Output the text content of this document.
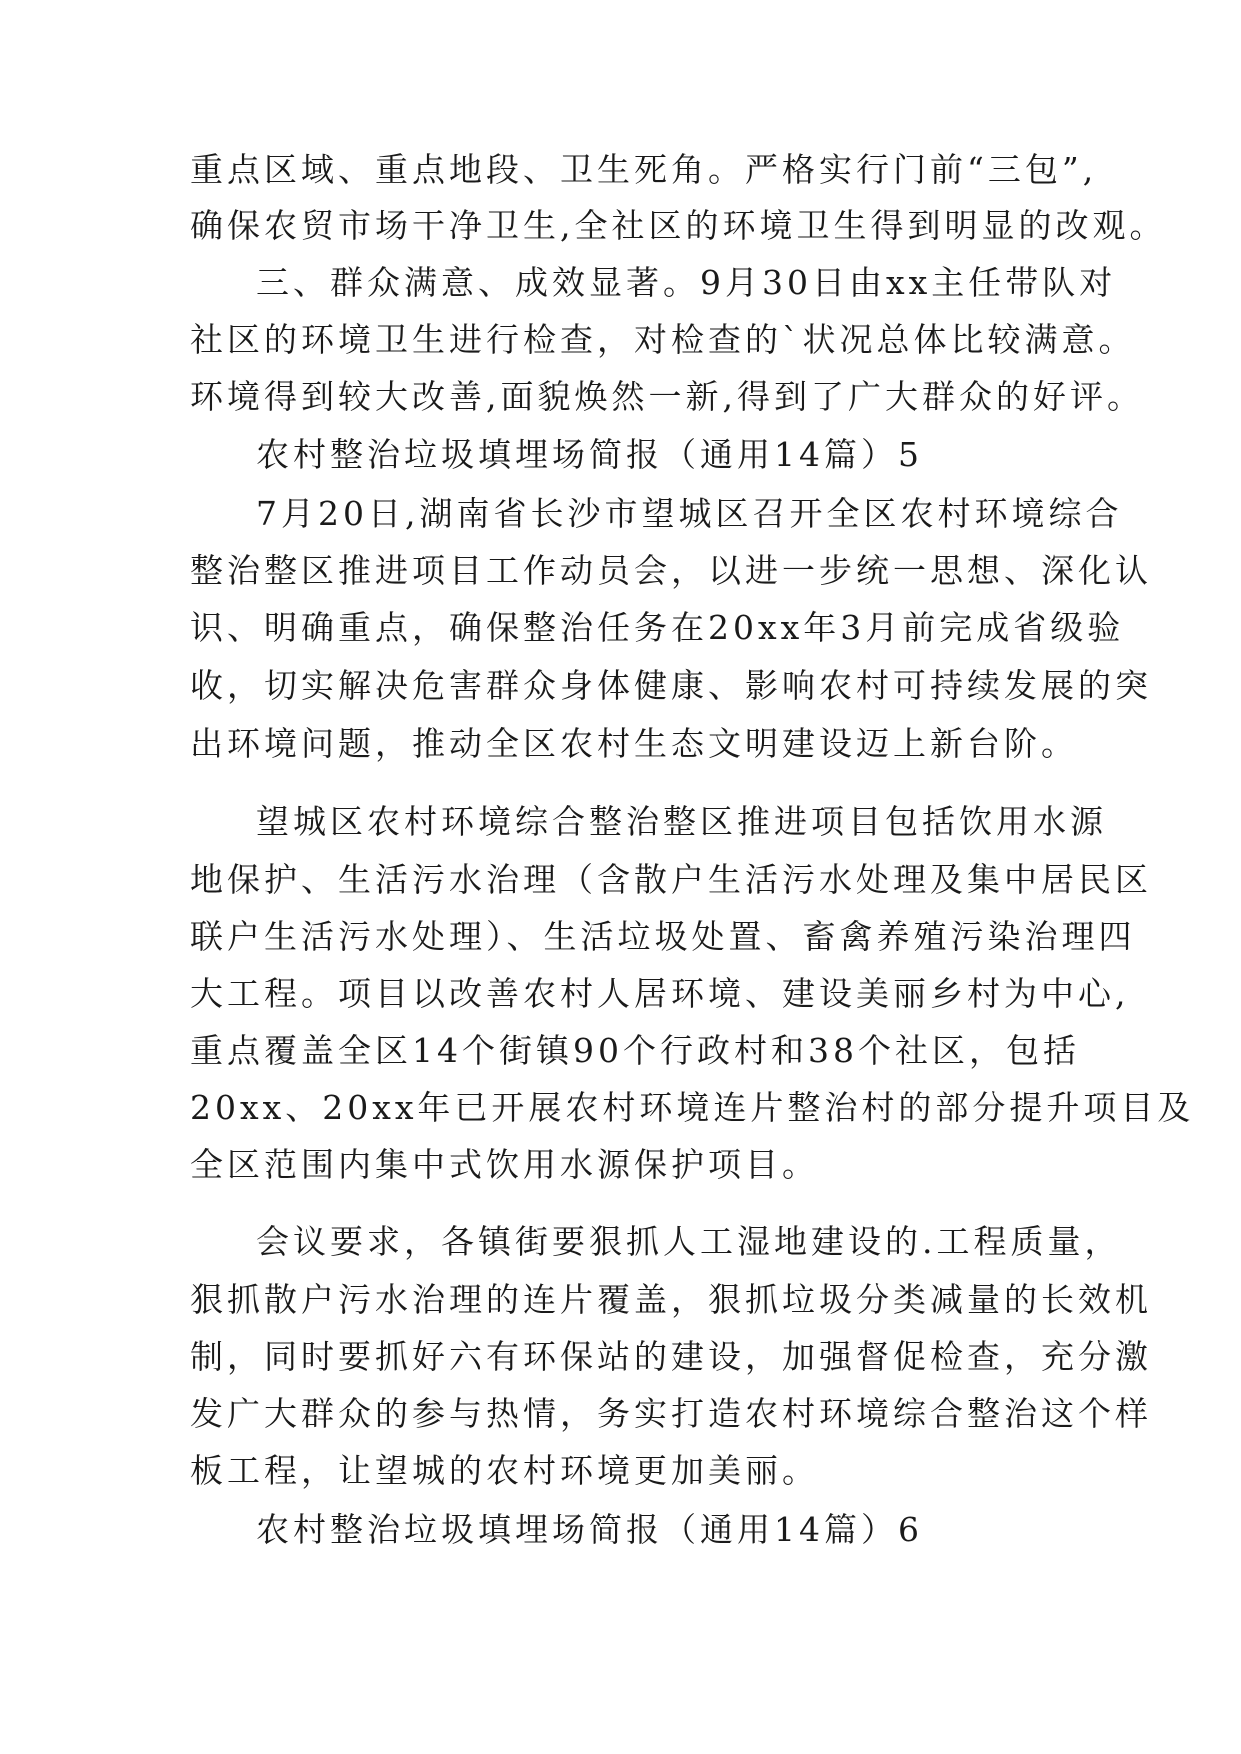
重点区域、重点地段、卫生死角。严格实行门前“三包”,
确保农贸市场干净卫生,全社区的环境卫生得到明显的改观。
三、群众满意、成效显著。9月30日由xx主任带队对
社区的环境卫生进行检查，对检查的`状况总体比较满意。
环境得到较大改善,面貌焕然一新,得到了广大群众的好评。
农村整治垃圾填埋场简报（通用14篇）5
7月20日,湖南省长沙市望城区召开全区农村环境综合
整治整区推进项目工作动员会，以进一步统一思想、深化认
识、明确重点，确保整治任务在20xx年3月前完成省级验
收，切实解决危害群众身体健康、影响农村可持续发展的突
出环境问题，推动全区农村生态文明建设迈上新台阶。
望城区农村环境综合整治整区推进项目包括饮用水源
地保护、生活污水治理（含散户生活污水处理及集中居民区
联户生活污水处理）、生活垃圾处置、畜禽养殖污染治理四
大工程。项目以改善农村人居环境、建设美丽乡村为中心,
重点覆盖全区14个街镇90个行政村和38个社区，包括
20xx、20xx年已开展农村环境连片整治村的部分提升项目及
全区范围内集中式饮用水源保护项目。
会议要求，各镇街要狠抓人工湿地建设的.工程质量，
狠抓散户污水治理的连片覆盖，狠抓垃圾分类减量的长效机
制，同时要抓好六有环保站的建设，加强督促检查，充分激
发广大群众的参与热情，务实打造农村环境综合整治这个样
板工程，让望城的农村环境更加美丽。
农村整治垃圾填埋场简报（通用14篇）6
